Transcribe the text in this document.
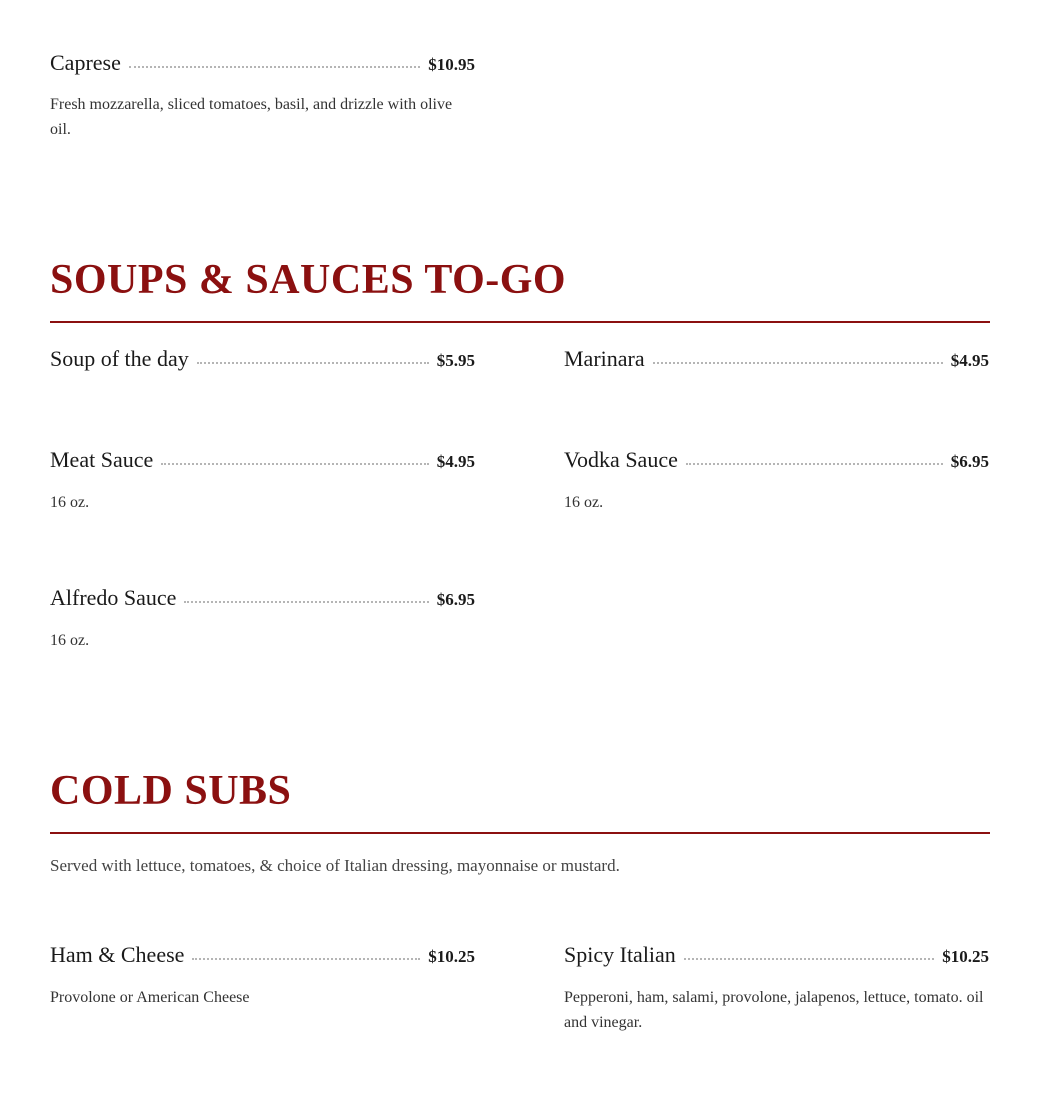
Caprese	$10.95
Fresh mozzarella, sliced tomatoes, basil, and drizzle with olive oil.
SOUPS & SAUCES TO-GO
Soup of the day	$5.95	Marinara	$4.95
Meat Sauce	$4.95
16 oz.
Vodka Sauce	$6.95
16 oz.
Alfredo Sauce	$6.95
16 oz.
COLD SUBS
Served with lettuce, tomatoes, & choice of Italian dressing, mayonnaise or mustard.
Ham & Cheese	$10.25
Provolone or American Cheese
Spicy Italian	$10.25
Pepperoni, ham, salami, provolone, jalapenos, lettuce, tomato. oil and vinegar.
